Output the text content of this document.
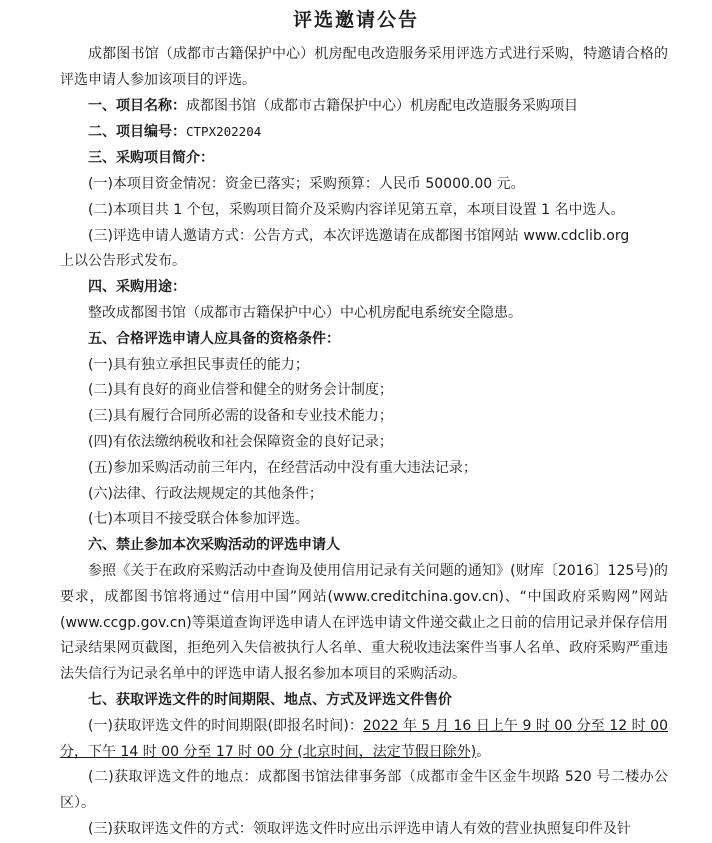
评选邀请公告

成都图书馆（成都市古籍保护中心）机房配电改造服务采用评选方式进行采购，特邀请合格的评选申请人参加该项目的评选。

一、项目名称：成都图书馆（成都市古籍保护中心）机房配电改造服务采购项目

二、项目编号：CTPX202204

三、采购项目简介：

(一)本项目资金情况：资金已落实；采购预算：人民币 50000.00 元。

(二)本项目共 1 个包，采购项目简介及采购内容详见第五章，本项目设置 1 名中选人。

(三)评选申请人邀请方式：公告方式，本次评选邀请在成都图书馆网站 www.cdclib.org

上以公告形式发布。

四、采购用途：

整改成都图书馆（成都市古籍保护中心）中心机房配电系统安全隐患。

五、合格评选申请人应具备的资格条件：

(一)具有独立承担民事责任的能力；

(二)具有良好的商业信誉和健全的财务会计制度；

(三)具有履行合同所必需的设备和专业技术能力；

(四)有依法缴纳税收和社会保障资金的良好记录；

(五)参加采购活动前三年内，在经营活动中没有重大违法记录；

(六)法律、行政法规规定的其他条件；

(七)本项目不接受联合体参加评选。

六、禁止参加本次采购活动的评选申请人

参照《关于在政府采购活动中查询及使用信用记录有关问题的通知》(财库〔2016〕125号)的要求，成都图书馆将通过“信用中国”网站(www.creditchina.gov.cn)、“中国政府采购网”网站(www.ccgp.gov.cn)等渠道查询评选申请人在评选申请文件递交截止之日前的信用记录并保存信用记录结果网页截图，拒绝列入失信被执行人名单、重大税收违法案件当事人名单、政府采购严重违法失信行为记录名单中的评选申请人报名参加本项目的采购活动。

七、获取评选文件的时间期限、地点、方式及评选文件售价

(一)获取评选文件的时间期限(即报名时间)：2022 年 5 月 16 日上午 9 时 00 分至 12 时 00 分，下午 14 时 00 分至 17 时 00 分 (北京时间，法定节假日除外)。

(二)获取评选文件的地点：成都图书馆法律事务部（成都市金牛区金牛坝路 520 号二楼办公区）。

(三)获取评选文件的方式：领取评选文件时应出示评选申请人有效的营业执照复印件及针
